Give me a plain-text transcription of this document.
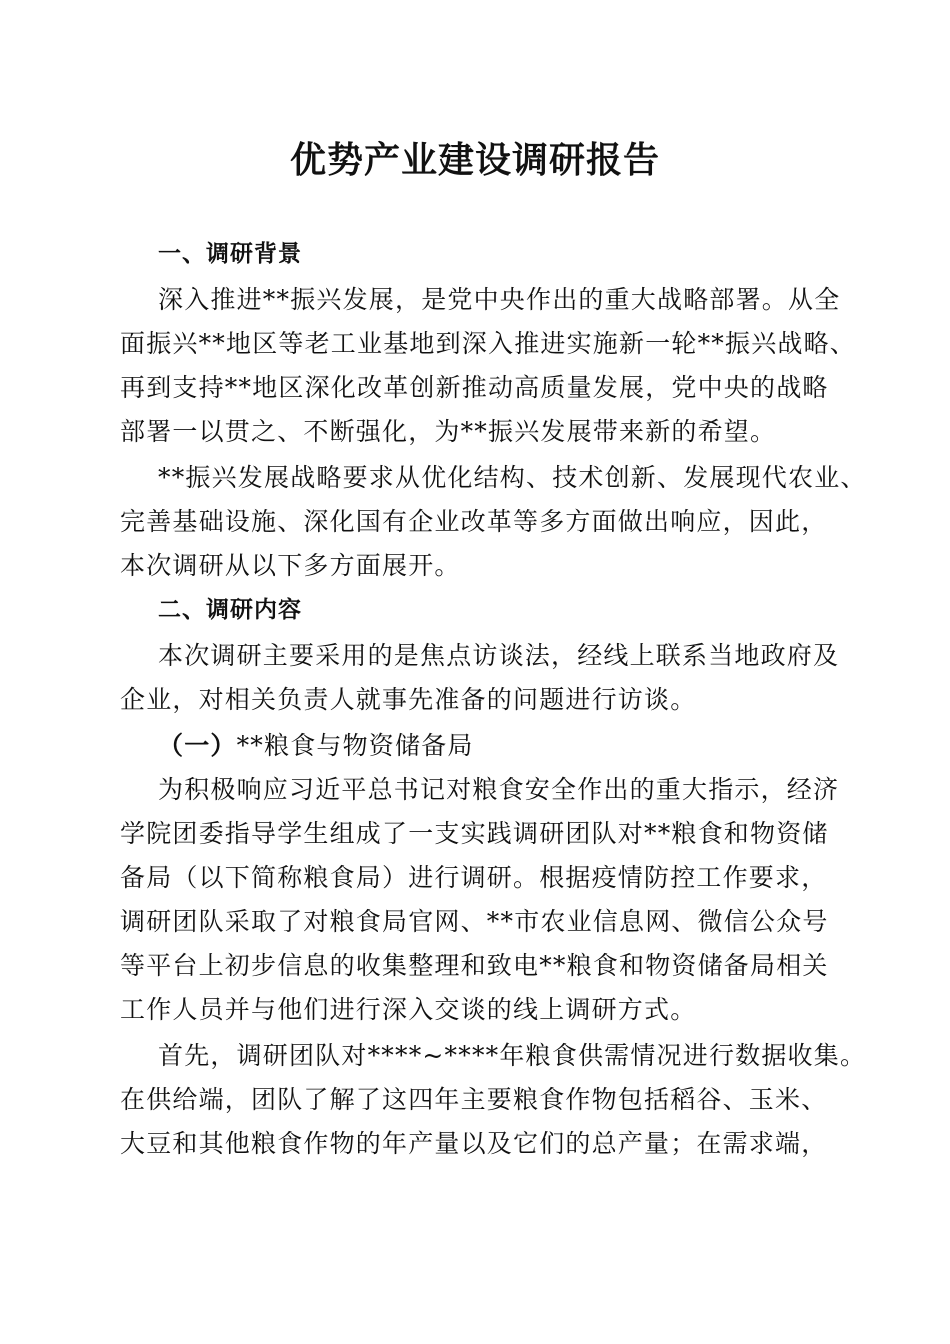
优势产业建设调研报告
一、调研背景
深入推进**振兴发展，是党中央作出的重大战略部署。从全
面振兴**地区等老工业基地到深入推进实施新一轮**振兴战略、
再到支持**地区深化改革创新推动高质量发展，党中央的战略
部署一以贯之、不断强化，为**振兴发展带来新的希望。
**振兴发展战略要求从优化结构、技术创新、发展现代农业、
完善基础设施、深化国有企业改革等多方面做出响应，因此，
本次调研从以下多方面展开。
二、调研内容
本次调研主要采用的是焦点访谈法，经线上联系当地政府及
企业，对相关负责人就事先准备的问题进行访谈。
（一）**粮食与物资储备局
为积极响应习近平总书记对粮食安全作出的重大指示，经济
学院团委指导学生组成了一支实践调研团队对**粮食和物资储
备局（以下简称粮食局）进行调研。根据疫情防控工作要求，
调研团队采取了对粮食局官网、**市农业信息网、微信公众号
等平台上初步信息的收集整理和致电**粮食和物资储备局相关
工作人员并与他们进行深入交谈的线上调研方式。
首先，调研团队对****~****年粮食供需情况进行数据收集。
在供给端，团队了解了这四年主要粮食作物包括稻谷、玉米、
大豆和其他粮食作物的年产量以及它们的总产量；在需求端，
